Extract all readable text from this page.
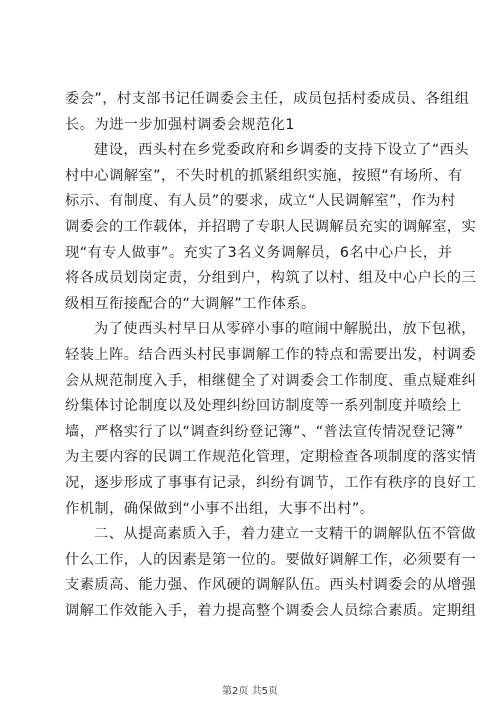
委会”，村支部书记任调委会主任，成员包括村委成员、各组组
长。为进一步加强村调委会规范化1
建设，西头村在乡党委政府和乡调委的支持下设立了“西头
村中心调解室”，不失时机的抓紧组织实施，按照“有场所、有
标示、有制度、有人员”的要求，成立“人民调解室”，作为村
调委会的工作载体，并招聘了专职人民调解员充实的调解室，实
现“有专人做事”。充实了3名义务调解员，6名中心户长，并
将各成员划岗定责，分组到户，构筑了以村、组及中心户长的三
级相互衔接配合的“大调解”工作体系。
为了使西头村早日从零碎小事的喧闹中解脱出，放下包袱，
轻装上阵。结合西头村民事调解工作的特点和需要出发，村调委
会从规范制度入手，相继健全了对调委会工作制度、重点疑难纠
纷集体讨论制度以及处理纠纷回访制度等一系列制度并喷绘上
墙，严格实行了以“调查纠纷登记簿”、“普法宣传情况登记簿”
为主要内容的民调工作规范化管理，定期检查各项制度的落实情
况，逐步形成了事事有记录，纠纷有调节，工作有秩序的良好工
作机制，确保做到“小事不出组，大事不出村”。
二、从提高素质入手，着力建立一支精干的调解队伍不管做
什么工作，人的因素是第一位的。要做好调解工作，必须要有一
支素质高、能力强、作风硬的调解队伍。西头村调委会的从增强
调解工作效能入手，着力提高整个调委会人员综合素质。定期组
第2页 共5页
